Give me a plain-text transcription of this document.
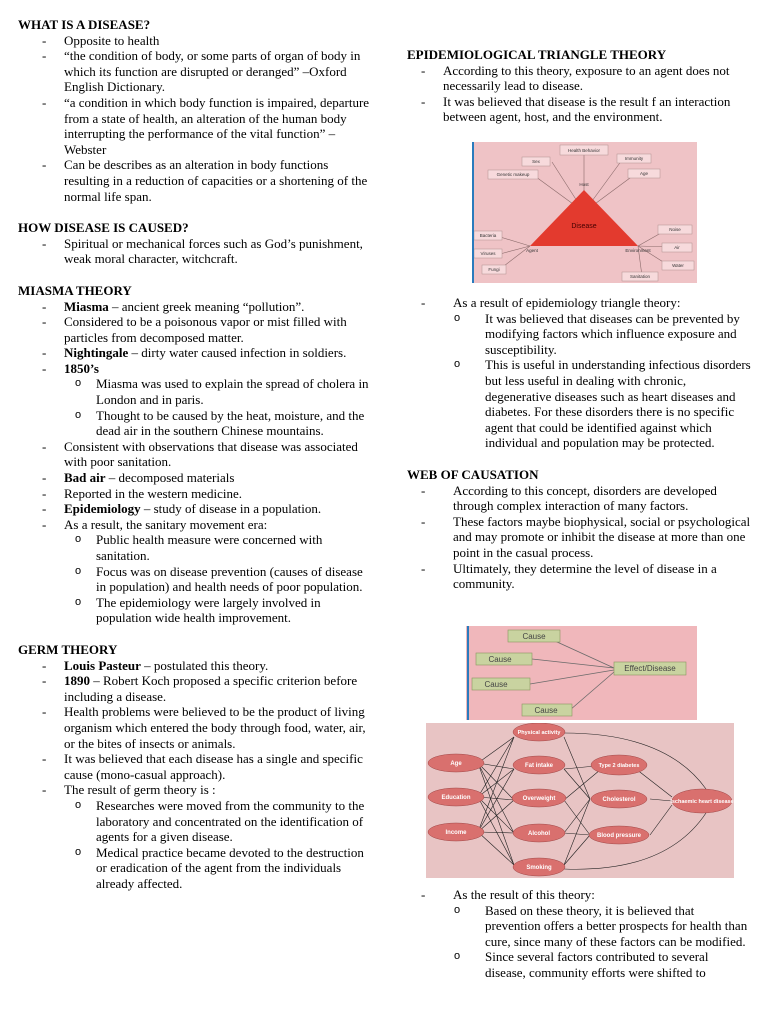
WHAT IS A DISEASE?

- Opposite to health
- “the condition of body, or some parts of organ of body in which its function are disrupted or deranged” –Oxford English Dictionary.
- “a condition in which body function is impaired, departure from a state of health, an alteration of the human body interrupting the performance of the vital function” –Webster
- Can be describes as an alteration in body functions resulting in a reduction of capacities or a shortening of the normal life span.

HOW DISEASE IS CAUSED?

- Spiritual or mechanical forces such as God’s punishment, weak moral character, witchcraft.

MIASMA THEORY

- Miasma – ancient greek meaning “pollution”.
- Considered to be a poisonous vapor or mist filled with particles from decomposed matter.
- Nightingale – dirty water caused infection in soldiers.
- 1850’s
o Miasma was used to explain the spread of cholera in London and in paris.
o Thought to be caused by the heat, moisture, and the dead air in the southern Chinese mountains.
- Consistent with observations that disease was associated with poor sanitation.
- Bad air – decomposed materials
- Reported in the western medicine.
- Epidemiology – study of disease in a population.
- As a result, the sanitary movement era:
o Public health measure were concerned with sanitation.
o Focus was on disease prevention (causes of disease in population) and health needs of poor population.
o The epidemiology were largely involved in population wide health improvement.

GERM THEORY

- Louis Pasteur – postulated this theory.
- 1890 – Robert Koch proposed a specific criterion before including a disease.
- Health problems were believed to be the product of living organism which entered the body through food, water, air, or the bites of insects or animals.
- It was believed that each disease has a single and specific cause (mono-casual approach).
- The result of germ theory is :
o Researches were moved from the community to the laboratory and concentrated on the identification of agents for a given disease.
o Medical practice became devoted to the destruction or eradication of the agent from the individuals already affected.

EPIDEMIOLOGICAL TRIANGLE THEORY

- According to this theory, exposure to an agent does not necessarily lead to disease.
- It was believed that disease is the result f an interaction between agent, host, and the environment.
Disease
Host
Agent	Environment
Health Behavior
Sex
Immunity
Genetic makeup	Age
Bacteria
Viruses
Fungi
Noise
Air
Water
Sanitation
- As a result of epidemiology triangle theory:
o It was believed that diseases can be prevented by modifying factors which influence exposure and susceptibility.
o This is useful in understanding infectious disorders but less useful in dealing with chronic, degenerative diseases such as heart diseases and diabetes. For these disorders there is no specific agent that could be identified against which individual and population may be protected.

WEB OF CAUSATION

- According to this concept, disorders are developed through complex interaction of many factors.
- These factors maybe biophysical, social or psychological and may promote or inhibit the disease at more than one point in the casual process.
- Ultimately, they determine the level of disease in a community.
Cause
Cause
Cause
Cause
Effect/Disease
Age
Education
Income
Fat intake
Overweight
Alcohol
Smoking
Cholesterol
Blood pressure
Physical activity
Type 2 diabetes
Ischaemic heart disease
- As the result of this theory:
o Based on these theory, it is believed that prevention offers a better prospects for health than cure, since many of these factors can be modified.
o Since several factors contributed to several disease, community efforts were shifted to
